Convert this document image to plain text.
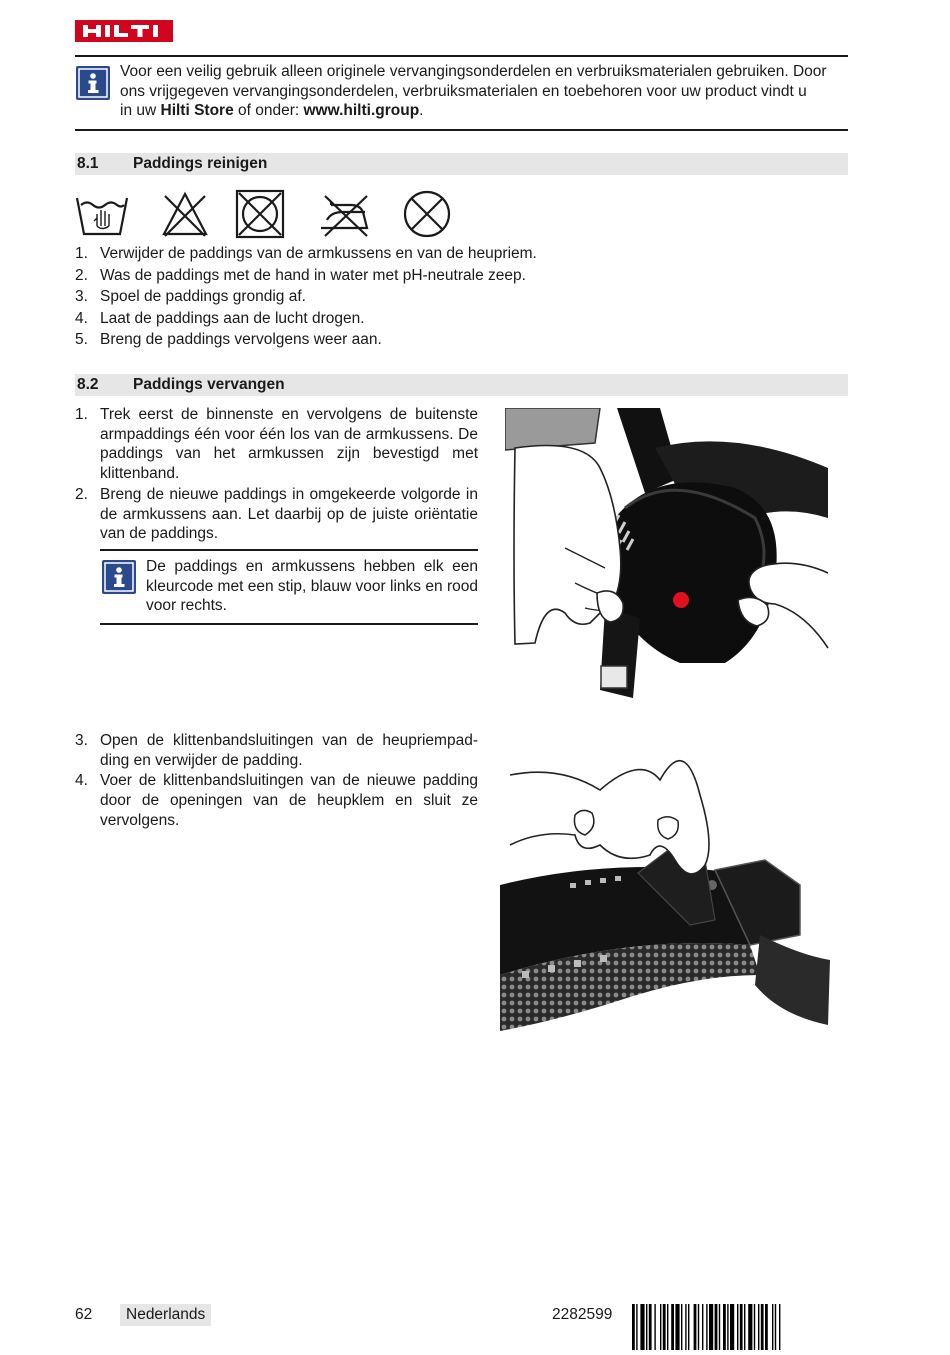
Voor een veilig gebruik alleen originele vervangingsonderdelen en verbruiksmaterialen gebruiken. Door
ons vrijgegeven vervangingsonderdelen, verbruiksmaterialen en toebehoren voor uw product vindt u
in uw Hilti Store of onder: www.hilti.group.
8.1 Paddings reinigen
1. Verwijder de paddings van de armkussens en van de heupriem.
2. Was de paddings met de hand in water met pH-neutrale zeep.
3. Spoel de paddings grondig af.
4. Laat de paddings aan de lucht drogen.
5. Breng de paddings vervolgens weer aan.
8.2 Paddings vervangen
1. Trek eerst de binnenste en vervolgens de buitenste armpaddings één voor één los van de armkussens. De paddings van het armkussen zijn bevestigd met klittenband.
2. Breng de nieuwe paddings in omgekeerde volgorde in de armkussens aan. Let daarbij op de juiste oriëntatie van de paddings.
De paddings en armkussens hebben elk een kleurcode met een stip, blauw voor links en rood voor rechts.
3. Open de klittenbandsluitingen van de heupriempadding en verwijder de padding.
4. Voer de klittenbandsluitingen van de nieuwe padding door de openingen van de heupklem en sluit ze vervolgens.
62	Nederlands	2282599
